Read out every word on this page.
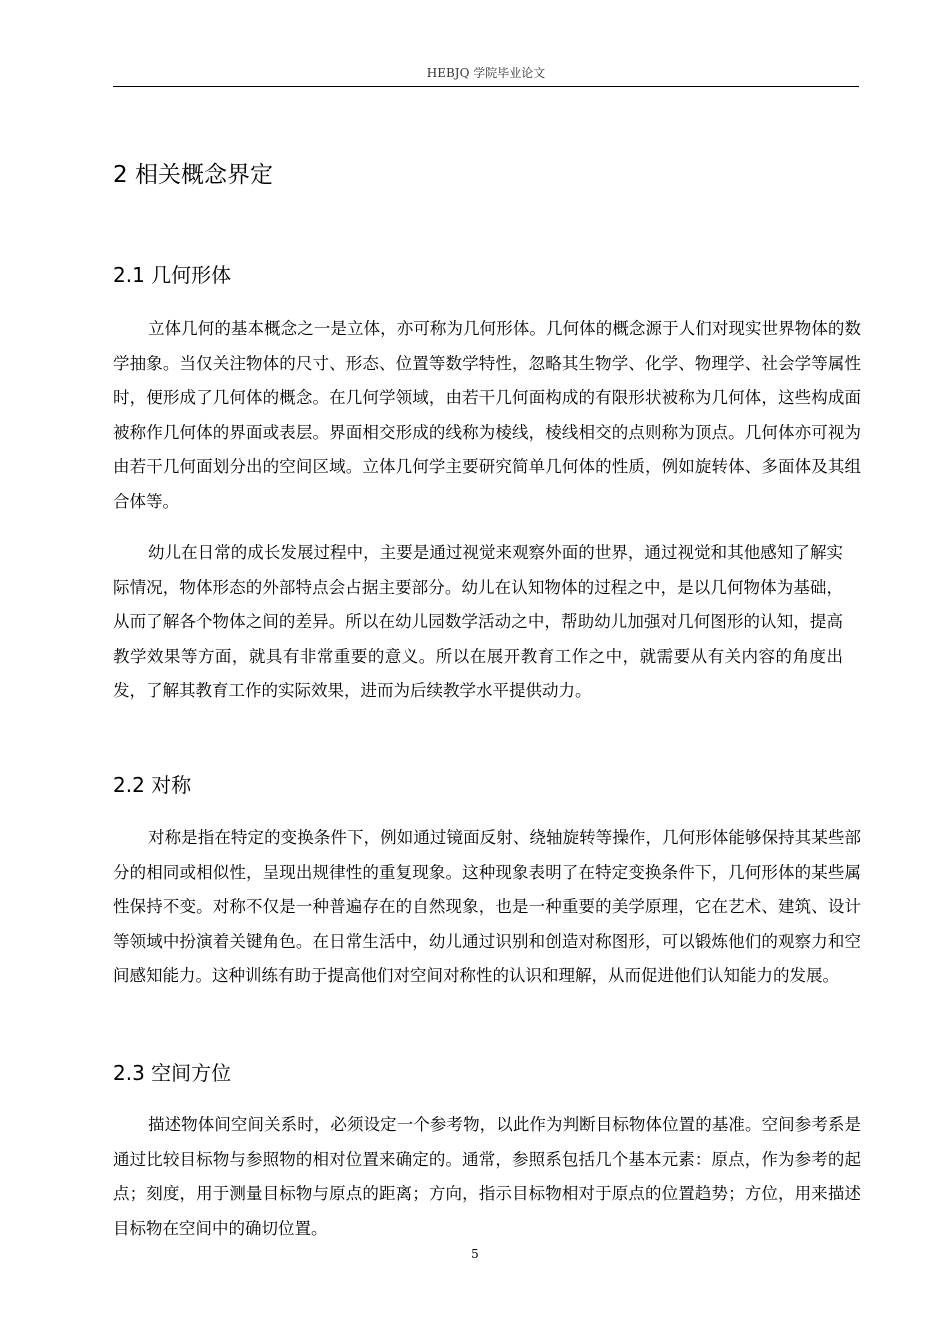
HEBJQ 学院毕业论文
2 相关概念界定
2.1 几何形体

立体几何的基本概念之一是立体，亦可称为几何形体。几何体的概念源于人们对现实世界物体的数学抽象。当仅关注物体的尺寸、形态、位置等数学特性，忽略其生物学、化学、物理学、社会学等属性时，便形成了几何体的概念。在几何学领域，由若干几何面构成的有限形状被称为几何体，这些构成面被称作几何体的界面或表层。界面相交形成的线称为棱线，棱线相交的点则称为顶点。几何体亦可视为由若干几何面划分出的空间区域。立体几何学主要研究简单几何体的性质，例如旋转体、多面体及其组合体等。

幼儿在日常的成长发展过程中，主要是通过视觉来观察外面的世界，通过视觉和其他感知了解实际情况，物体形态的外部特点会占据主要部分。幼儿在认知物体的过程之中，是以几何物体为基础，从而了解各个物体之间的差异。所以在幼儿园数学活动之中，帮助幼儿加强对几何图形的认知，提高教学效果等方面，就具有非常重要的意义。所以在展开教育工作之中，就需要从有关内容的角度出发，了解其教育工作的实际效果，进而为后续教学水平提供动力。

2.2 对称

对称是指在特定的变换条件下，例如通过镜面反射、绕轴旋转等操作，几何形体能够保持其某些部分的相同或相似性，呈现出规律性的重复现象。这种现象表明了在特定变换条件下，几何形体的某些属性保持不变。对称不仅是一种普遍存在的自然现象，也是一种重要的美学原理，它在艺术、建筑、设计等领域中扮演着关键角色。在日常生活中，幼儿通过识别和创造对称图形，可以锻炼他们的观察力和空间感知能力。这种训练有助于提高他们对空间对称性的认识和理解，从而促进他们认知能力的发展。

2.3 空间方位

描述物体间空间关系时，必须设定一个参考物，以此作为判断目标物体位置的基准。空间参考系是通过比较目标物与参照物的相对位置来确定的。通常，参照系包括几个基本元素：原点，作为参考的起点；刻度，用于测量目标物与原点的距离；方向，指示目标物相对于原点的位置趋势；方位，用来描述目标物在空间中的确切位置。

5
